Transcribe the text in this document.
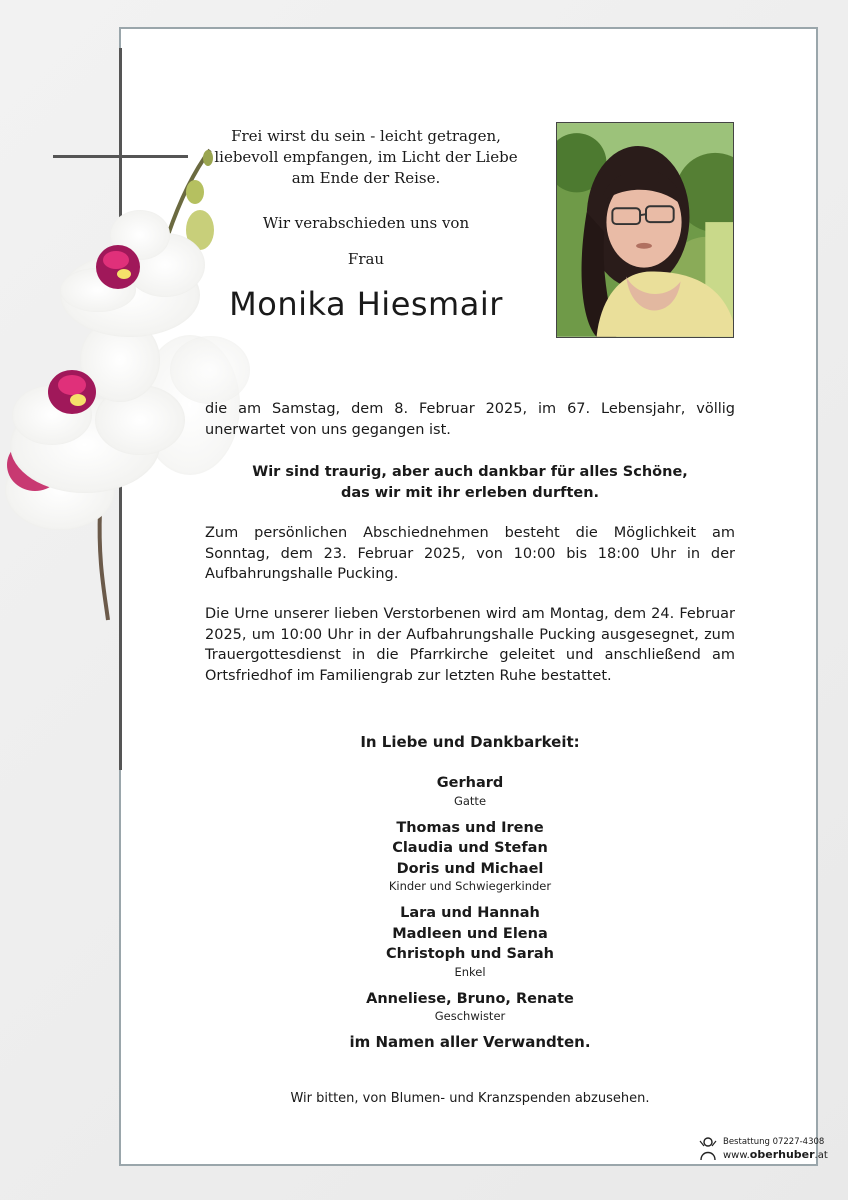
Frei wirst du sein - leicht getragen,
liebevoll empfangen, im Licht der Liebe
am Ende der Reise.
Wir verabschieden uns von
Frau
Monika Hiesmair
die am Samstag, dem 8. Februar 2025, im 67. Lebensjahr, völlig unerwartet von uns gegangen ist.
Wir sind traurig, aber auch dankbar für alles Schöne,
das wir mit ihr erleben durften.
Zum persönlichen Abschiednehmen besteht die Möglichkeit am Sonntag, dem 23. Februar 2025, von 10:00 bis 18:00 Uhr in der Aufbahrungshalle Pucking.
Die Urne unserer lieben Verstorbenen wird am Montag, dem 24. Februar 2025, um 10:00 Uhr in der Aufbahrungshalle Pucking ausgesegnet, zum Trauergottesdienst in die Pfarrkirche geleitet und anschließend am Ortsfriedhof im Familiengrab zur letzten Ruhe bestattet.
In Liebe und Dankbarkeit:
Gerhard
Gatte
Thomas und Irene
Claudia und Stefan
Doris und Michael
Kinder und Schwiegerkinder
Lara und Hannah
Madleen und Elena
Christoph und Sarah
Enkel
Anneliese, Bruno, Renate
Geschwister
im Namen aller Verwandten.
Wir bitten, von Blumen- und Kranzspenden abzusehen.
Bestattung 07227-4308
www.oberhuber.at
